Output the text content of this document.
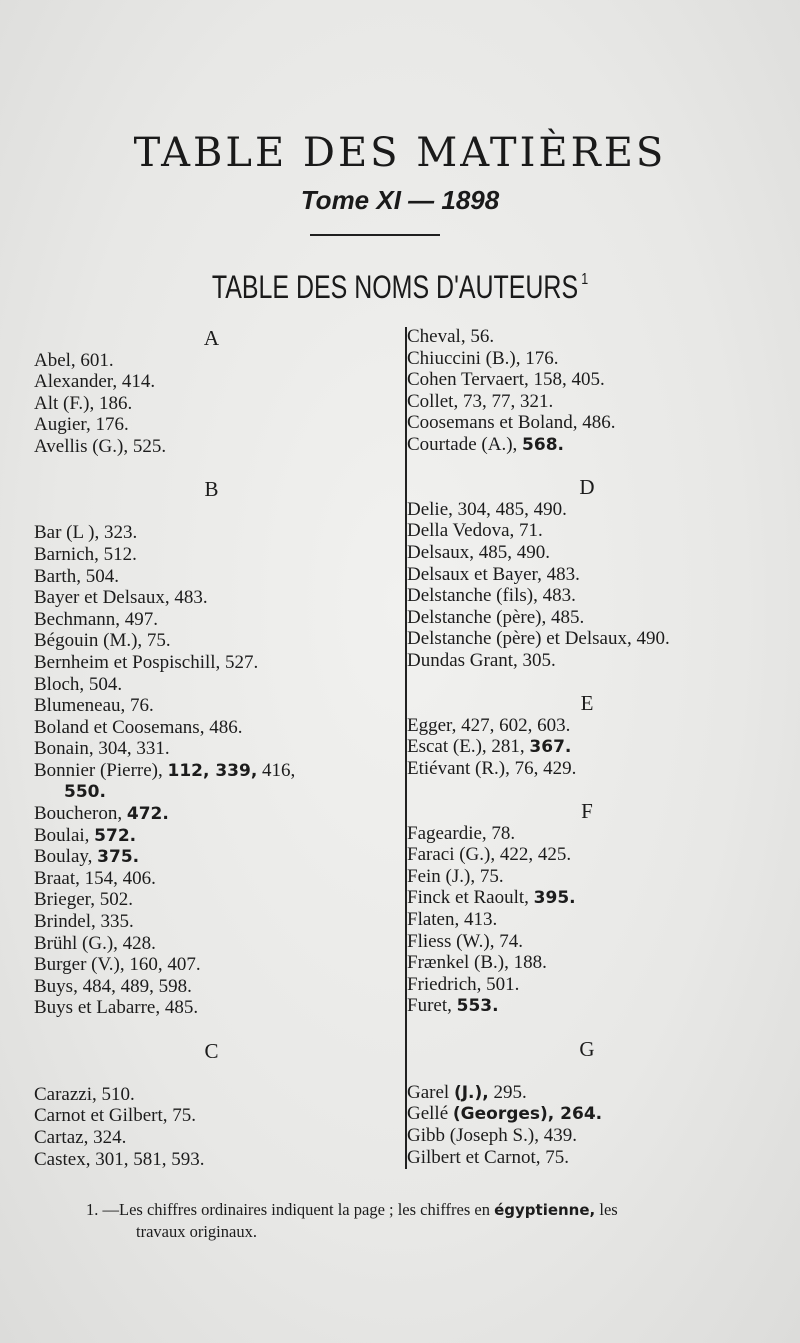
TABLE DES MATIÈRES
Tome XI — 1898
TABLE DES NOMS D'AUTEURS $^1$
A

Abel, 601.

Alexander, 414.

Alt (F.), 186.

Augier, 176.

Avellis (G.), 525.

B

Bar (L ), 323.

Barnich, 512.

Barth, 504.

Bayer et Delsaux, 483.

Bechmann, 497.

Bégouin (M.), 75.

Bernheim et Pospischill, 527.

Bloch, 504.

Blumeneau, 76.

Boland et Coosemans, 486.

Bonain, 304, 331.

Bonnier (Pierre), 112, 339, 416,

550.

Boucheron, 472.

Boulai, 572.

Boulay, 375.

Braat, 154, 406.

Brieger, 502.

Brindel, 335.

Brühl (G.), 428.

Burger (V.), 160, 407.

Buys, 484, 489, 598.

Buys et Labarre, 485.

C

Carazzi, 510.

Carnot et Gilbert, 75.

Cartaz, 324.

Castex, 301, 581, 593.

Cheval, 56.

Chiuccini (B.), 176.

Cohen Tervaert, 158, 405.

Collet, 73, 77, 321.

Coosemans et Boland, 486.

Courtade (A.), 568.

D

Delie, 304, 485, 490.

Della Vedova, 71.

Delsaux, 485, 490.

Delsaux et Bayer, 483.

Delstanche (fils), 483.

Delstanche (père), 485.

Delstanche (père) et Delsaux, 490.

Dundas Grant, 305.

E

Egger, 427, 602, 603.

Escat (E.), 281, 367.

Etiévant (R.), 76, 429.

F

Fageardie, 78.

Faraci (G.), 422, 425.

Fein (J.), 75.

Finck et Raoult, 395.

Flaten, 413.

Fliess (W.), 74.

Frænkel (B.), 188.

Friedrich, 501.

Furet, 553.

G

Garel (J.), 295.

Gellé (Georges), 264.

Gibb (Joseph S.), 439.

Gilbert et Carnot, 75.

1. —Les chiffres ordinaires indiquent la page ; les chiffres en égyptienne, les

travaux originaux.
